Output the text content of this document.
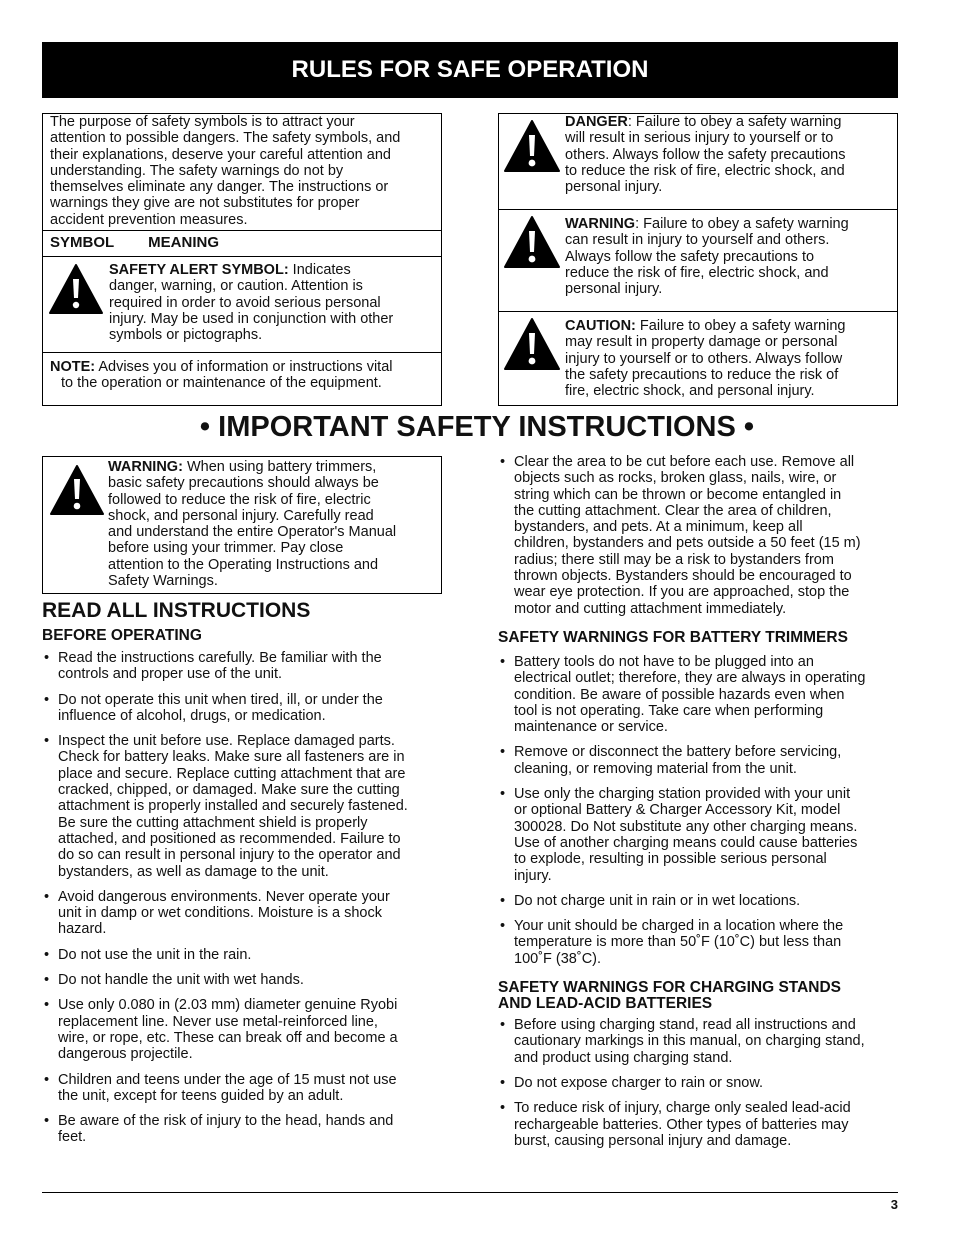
RULES FOR SAFE OPERATION
The purpose of safety symbols is to attract your
attention to possible dangers. The safety symbols, and
their explanations, deserve your careful attention and
understanding. The safety warnings do not by
themselves eliminate any danger. The instructions or
warnings they give are not substitutes for proper
accident prevention measures.
SYMBOL MEANING
SAFETY ALERT SYMBOL: Indicates
danger, warning, or caution. Attention is
required in order to avoid serious personal
injury. May be used in conjunction with other
symbols or pictographs.
NOTE: Advises you of information or instructions vital
to the operation or maintenance of the equipment.
DANGER: Failure to obey a safety warning
will result in serious injury to yourself or to
others. Always follow the safety precautions
to reduce the risk of fire, electric shock, and
personal injury.
WARNING: Failure to obey a safety warning
can result in injury to yourself and others.
Always follow the safety precautions to
reduce the risk of fire, electric shock, and
personal injury.
CAUTION: Failure to obey a safety warning
may result in property damage or personal
injury to yourself or to others. Always follow
the safety precautions to reduce the risk of
fire, electric shock, and personal injury.
• IMPORTANT SAFETY INSTRUCTIONS •
WARNING: When using battery trimmers,
basic safety precautions should always be
followed to reduce the risk of fire, electric
shock, and personal injury. Carefully read
and understand the entire Operator's Manual
before using your trimmer. Pay close
attention to the Operating Instructions and
Safety Warnings.
READ ALL INSTRUCTIONS
BEFORE OPERATING
• Read the instructions carefully. Be familiar with the
controls and proper use of the unit.
• Do not operate this unit when tired, ill, or under the
influence of alcohol, drugs, or medication.
• Inspect the unit before use. Replace damaged parts.
Check for battery leaks. Make sure all fasteners are in
place and secure. Replace cutting attachment that are
cracked, chipped, or damaged. Make sure the cutting
attachment is properly installed and securely fastened.
Be sure the cutting attachment shield is properly
attached, and positioned as recommended. Failure to
do so can result in personal injury to the operator and
bystanders, as well as damage to the unit.
• Avoid dangerous environments. Never operate your
unit in damp or wet conditions. Moisture is a shock
hazard.
• Do not use the unit in the rain.
• Do not handle the unit with wet hands.
• Use only 0.080 in (2.03 mm) diameter genuine Ryobi
replacement line. Never use metal-reinforced line,
wire, or rope, etc. These can break off and become a
dangerous projectile.
• Children and teens under the age of 15 must not use
the unit, except for teens guided by an adult.
• Be aware of the risk of injury to the head, hands and
feet.
• Clear the area to be cut before each use. Remove all
objects such as rocks, broken glass, nails, wire, or
string which can be thrown or become entangled in
the cutting attachment. Clear the area of children,
bystanders, and pets. At a minimum, keep all
children, bystanders and pets outside a 50 feet (15 m)
radius; there still may be a risk to bystanders from
thrown objects. Bystanders should be encouraged to
wear eye protection. If you are approached, stop the
motor and cutting attachment immediately.
SAFETY WARNINGS FOR BATTERY TRIMMERS
• Battery tools do not have to be plugged into an
electrical outlet; therefore, they are always in operating
condition. Be aware of possible hazards even when
tool is not operating. Take care when performing
maintenance or service.
• Remove or disconnect the battery before servicing,
cleaning, or removing material from the unit.
• Use only the charging station provided with your unit
or optional Battery & Charger Accessory Kit, model
300028. Do Not substitute any other charging means.
Use of another charging means could cause batteries
to explode, resulting in possible serious personal
injury.
• Do not charge unit in rain or in wet locations.
• Your unit should be charged in a location where the
temperature is more than 50˚F (10˚C) but less than
100˚F (38˚C).
SAFETY WARNINGS FOR CHARGING STANDS
AND LEAD-ACID BATTERIES
• Before using charging stand, read all instructions and
cautionary markings in this manual, on charging stand,
and product using charging stand.
• Do not expose charger to rain or snow.
• To reduce risk of injury, charge only sealed lead-acid
rechargeable batteries. Other types of batteries may
burst, causing personal injury and damage.
3
